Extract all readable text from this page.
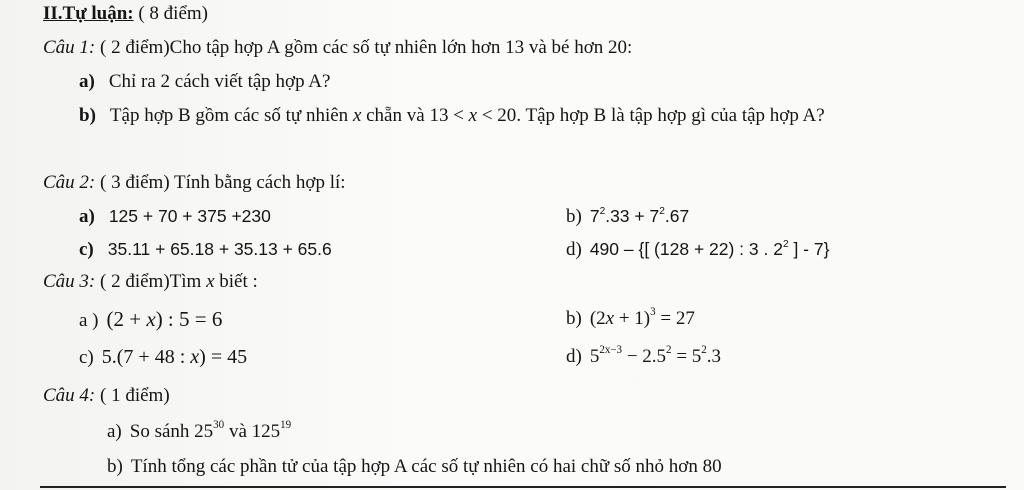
II.Tự luận: ( 8 điểm)
Câu 1: ( 2 điểm)Cho tập hợp A gồm các số tự nhiên lớn hơn 13 và bé hơn 20:
a) Chỉ ra 2 cách viết tập hợp A?
b) Tập hợp B gồm các số tự nhiên x chẵn và 13 < x < 20. Tập hợp B là tập hợp gì của tập hợp A?
Câu 2: ( 3 điểm) Tính bằng cách hợp lí:
a) 125 + 70 + 375 +230	b) $7^2.33 + 7^2.67$
c) 35.11 + 65.18 + 35.13 + 65.6	d) 490 – {[ (128 + 22) : 3 . $2^2$ ] - 7}
Câu 3: ( 2 điểm)Tìm x biết :
a ) (2 + x) : 5 = 6	b) $(2x + 1)^3 = 27$
c) 5.(7 + 48 : x) = 45	d) $5^{2x-3} - 2.5^2 = 5^2.3$
Câu 4: ( 1 điểm)
a) So sánh $25^{30}$ và $125^{19}$
b) Tính tổng các phần tử của tập hợp A các số tự nhiên có hai chữ số nhỏ hơn 80
